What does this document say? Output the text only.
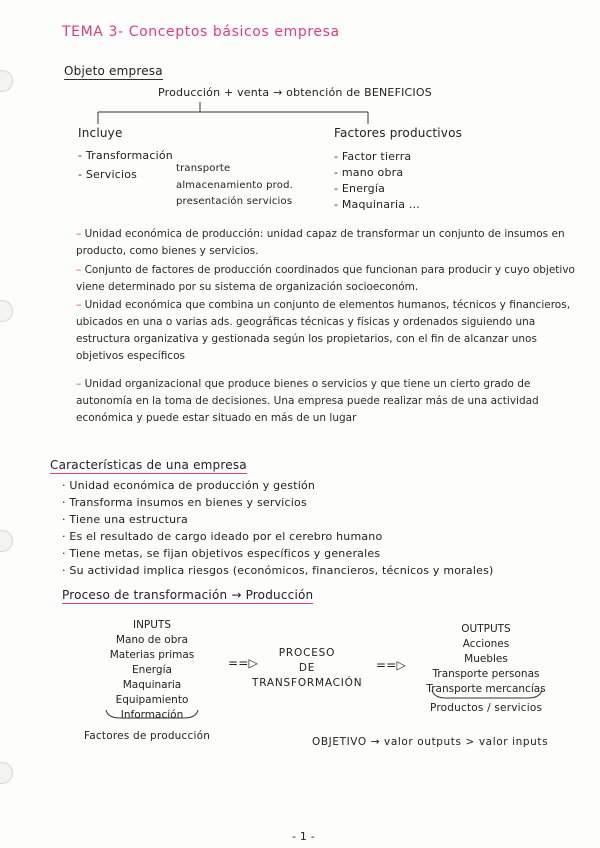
TEMA 3- Conceptos básicos empresa
Objeto empresa
Producción + venta → obtención de BENEFICIOS
Incluye
- Transformación
- Servicios	transporte
almacenamiento prod.
presentación servicios
Factores productivos
- Factor tierra
- mano obra
- Energía
- Maquinaria ...
– Unidad económica de producción: unidad capaz de transformar un conjunto de insumos en producto, como bienes y servicios.
– Conjunto de factores de producción coordinados que funcionan para producir y cuyo objetivo viene determinado por su sistema de organización socioeconóm.
– Unidad económica que combina un conjunto de elementos humanos, técnicos y financieros, ubicados en una o varias ads. geográficas técnicas y físicas y ordenados siguiendo una estructura organizativa y gestionada según los propietarios, con el fin de alcanzar unos objetivos específicos
– Unidad organizacional que produce bienes o servicios y que tiene un cierto grado de autonomía en la toma de decisiones. Una empresa puede realizar más de una actividad económica y puede estar situado en más de un lugar
Características de una empresa
· Unidad económica de producción y gestión
· Transforma insumos en bienes y servicios
· Tiene una estructura
· Es el resultado de cargo ideado por el cerebro humano
· Tiene metas, se fijan objetivos específicos y generales
· Su actividad implica riesgos (económicos, financieros, técnicos y morales)
Proceso de transformación → Producción
INPUTS
Mano de obra
Materias primas
Energía
Maquinaria
Equipamiento
Información
Factores de producción
==▷
PROCESO
DE
TRANSFORMACIÓN
==▷
OUTPUTS
Acciones
Muebles
Transporte personas
Transporte mercancías
Productos / servicios
OBJETIVO → valor outputs > valor inputs
- 1 -
